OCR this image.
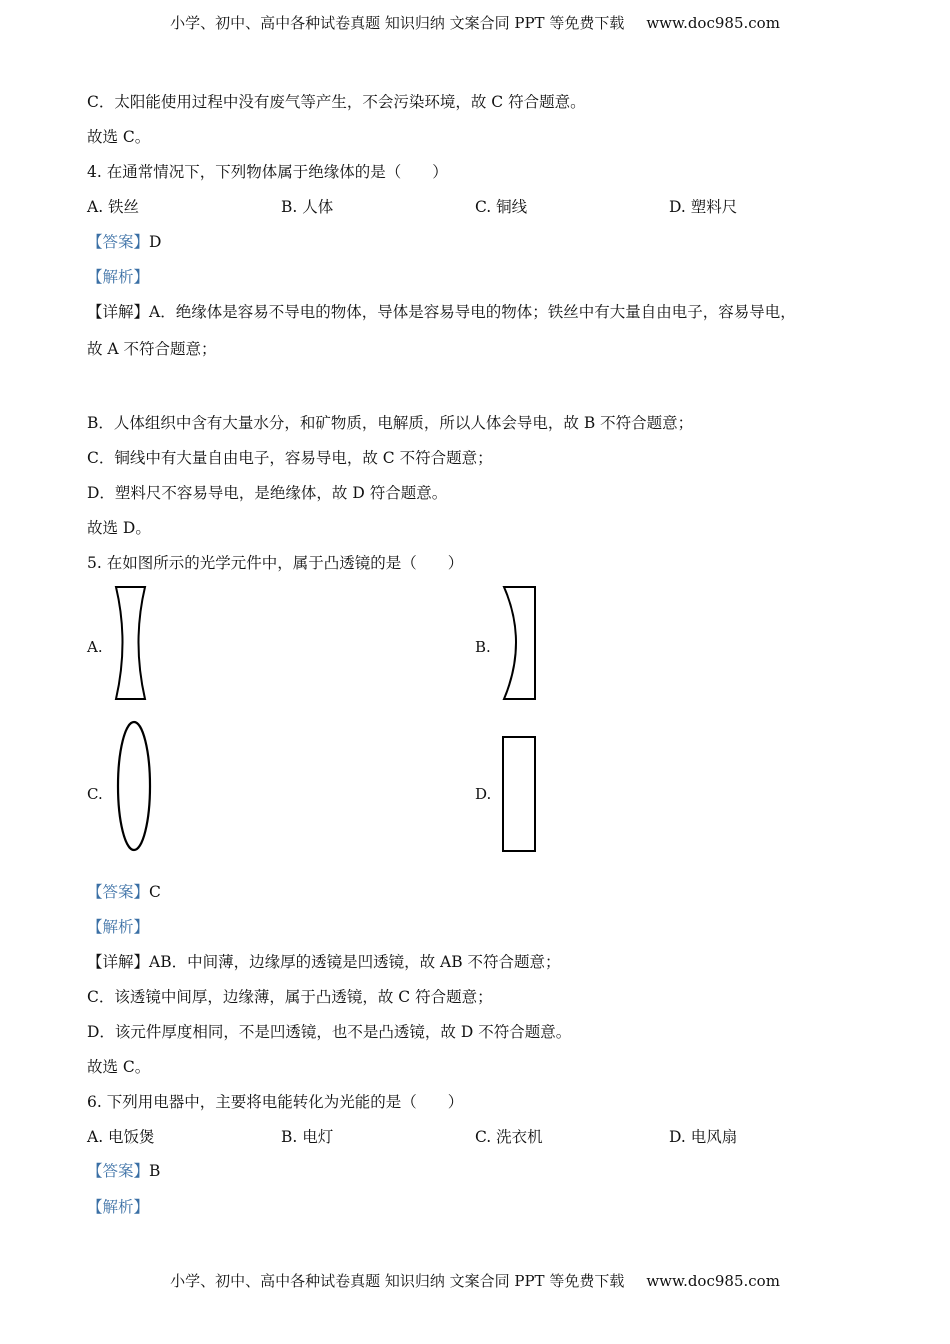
小学、初中、高中各种试卷真题 知识归纳 文案合同 PPT 等免费下载 www.doc985.com
C．太阳能使用过程中没有废气等产生，不会污染环境，故 C 符合题意。
故选 C。
4. 在通常情况下，下列物体属于绝缘体的是（　　）
A. 铁丝	B. 人体	C. 铜线	D. 塑料尺
【答案】D
【解析】
【详解】A．绝缘体是容易不导电的物体，导体是容易导电的物体；铁丝中有大量自由电子，容易导电，
故 A 不符合题意；
B．人体组织中含有大量水分，和矿物质，电解质，所以人体会导电，故 B 不符合题意；
C．铜线中有大量自由电子，容易导电，故 C 不符合题意；
D．塑料尺不容易导电，是绝缘体，故 D 符合题意。
故选 D。
5. 在如图所示的光学元件中，属于凸透镜的是（　　）
A.	B.
C.	D.
【答案】C
【解析】
【详解】AB．中间薄，边缘厚的透镜是凹透镜，故 AB 不符合题意；
C．该透镜中间厚，边缘薄，属于凸透镜，故 C 符合题意；
D．该元件厚度相同，不是凹透镜，也不是凸透镜，故 D 不符合题意。
故选 C。
6. 下列用电器中，主要将电能转化为光能的是（　　）
A. 电饭煲	B. 电灯	C. 洗衣机	D. 电风扇
【答案】B
【解析】
小学、初中、高中各种试卷真题 知识归纳 文案合同 PPT 等免费下载 www.doc985.com
